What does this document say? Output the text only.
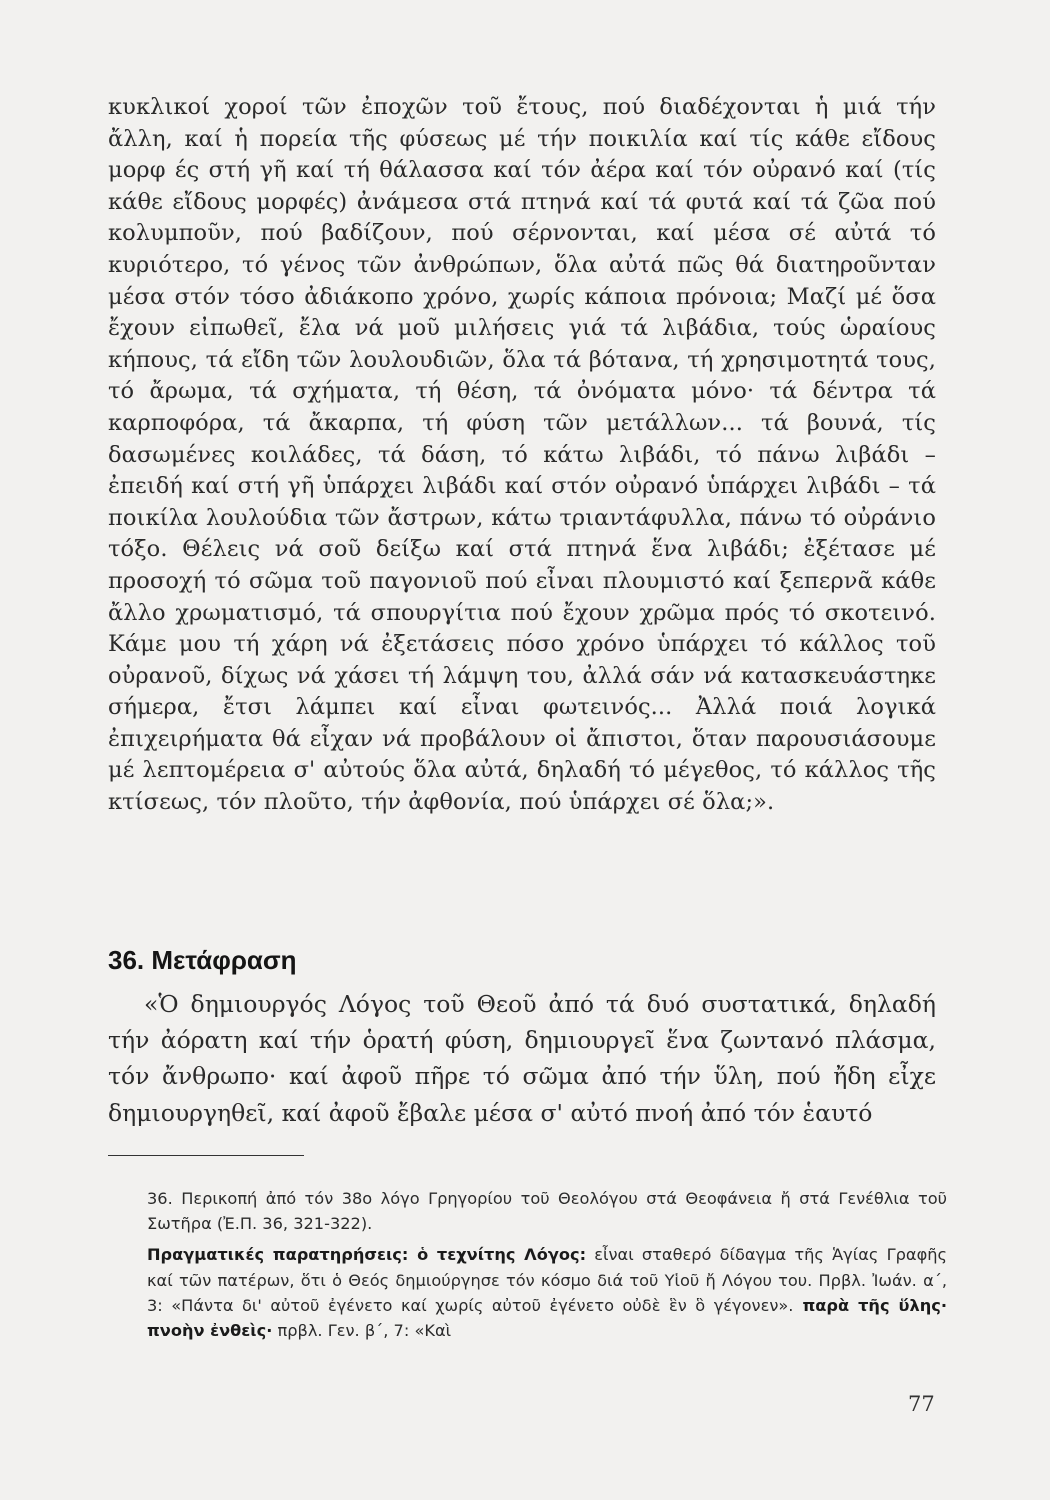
κυκλικοί χοροί τῶν ἐποχῶν τοῦ ἔτους, πού διαδέχονται ἡ μιά τήν ἄλλη, καί ἡ πορεία τῆς φύσεως μέ τήν ποικιλία καί τίς κάθε εἴδους μορφ ές στή γῆ καί τή θάλασσα καί τόν ἀέρα καί τόν οὐρανό καί (τίς κάθε εἴδους μορφές) ἀνάμεσα στά πτηνά καί τά φυτά καί τά ζῶα πού κολυμποῦν, πού βαδίζουν, πού σέρνονται, καί μέσα σέ αὐτά τό κυριότερο, τό γένος τῶν ἀνθρώπων, ὅλα αὐτά πῶς θά διατηροῦνταν μέσα στόν τόσο ἀδιάκοπο χρόνο, χωρίς κάποια πρόνοια; Μαζί μέ ὅσα ἔχουν εἰπωθεῖ, ἔλα νά μοῦ μιλήσεις γιά τά λιβάδια, τούς ὡραίους κήπους, τά εἴδη τῶν λουλουδιῶν, ὅλα τά βότανα, τή χρησιμοτητά τους, τό ἄρωμα, τά σχήματα, τή θέση, τά ὀνόματα μόνο· τά δέντρα τά καρποφόρα, τά ἄκαρπα, τή φύση τῶν μετάλλων... τά βουνά, τίς δασωμένες κοιλάδες, τά δάση, τό κάτω λιβάδι, τό πάνω λιβάδι – ἐπειδή καί στή γῆ ὑπάρχει λιβάδι καί στόν οὐρανό ὑπάρχει λιβάδι – τά ποικίλα λουλούδια τῶν ἄστρων, κάτω τριαντάφυλλα, πάνω τό οὐράνιο τόξο. Θέλεις νά σοῦ δείξω καί στά πτηνά ἕνα λιβάδι; ἐξέτασε μέ προσοχή τό σῶμα τοῦ παγονιοῦ πού εἶναι πλουμιστό καί ξεπερνᾶ κάθε ἄλλο χρωματισμό, τά σπουργίτια πού ἔχουν χρῶμα πρός τό σκοτεινό. Κάμε μου τή χάρη νά ἐξετάσεις πόσο χρόνο ὑπάρχει τό κάλλος τοῦ οὐρανοῦ, δίχως νά χάσει τή λάμψη του, ἀλλά σάν νά κατασκευάστηκε σήμερα, ἔτσι λάμπει καί εἶναι φωτεινός... Ἀλλά ποιά λογικά ἐπιχειρήματα θά εἶχαν νά προβάλουν οἱ ἄπιστοι, ὅταν παρουσιάσουμε μέ λεπτομέρεια σ' αὐτούς ὅλα αὐτά, δηλαδή τό μέγεθος, τό κάλλος τῆς κτίσεως, τόν πλοῦτο, τήν ἀφθονία, πού ὑπάρχει σέ ὅλα;».

36. Μετάφραση

«Ὁ δημιουργός Λόγος τοῦ Θεοῦ ἀπό τά δυό συστατικά, δηλαδή τήν ἀόρατη καί τήν ὁρατή φύση, δημιουργεῖ ἕνα ζωντανό πλάσμα, τόν ἄνθρωπο· καί ἀφοῦ πῆρε τό σῶμα ἀπό τήν ὕλη, πού ἤδη εἶχε δημιουργηθεῖ, καί ἀφοῦ ἔβαλε μέσα σ' αὐτό πνοή ἀπό τόν ἑαυτό

36. Περικοπή ἀπό τόν 38ο λόγο Γρηγορίου τοῦ Θεολόγου στά Θεοφάνεια ἤ στά Γενέθλια τοῦ Σωτῆρα (Ἐ.Π. 36, 321-322).

Πραγματικές παρατηρήσεις: ὁ τεχνίτης Λόγος: εἶναι σταθερό δίδαγμα τῆς Ἁγίας Γραφῆς καί τῶν πατέρων, ὅτι ὁ Θεός δημιούργησε τόν κόσμο διά τοῦ Υἱοῦ ἤ Λόγου του. Πρβλ. Ἰωάν. α΄, 3: «Πάντα δι' αὐτοῦ ἐγένετο καί χωρίς αὐτοῦ ἐγένετο οὐδὲ ἓν ὃ γέγονεν». παρὰ τῆς ὕλης· πνοὴν ἐνθεὶς· πρβλ. Γεν. β΄, 7: «Καὶ

77
